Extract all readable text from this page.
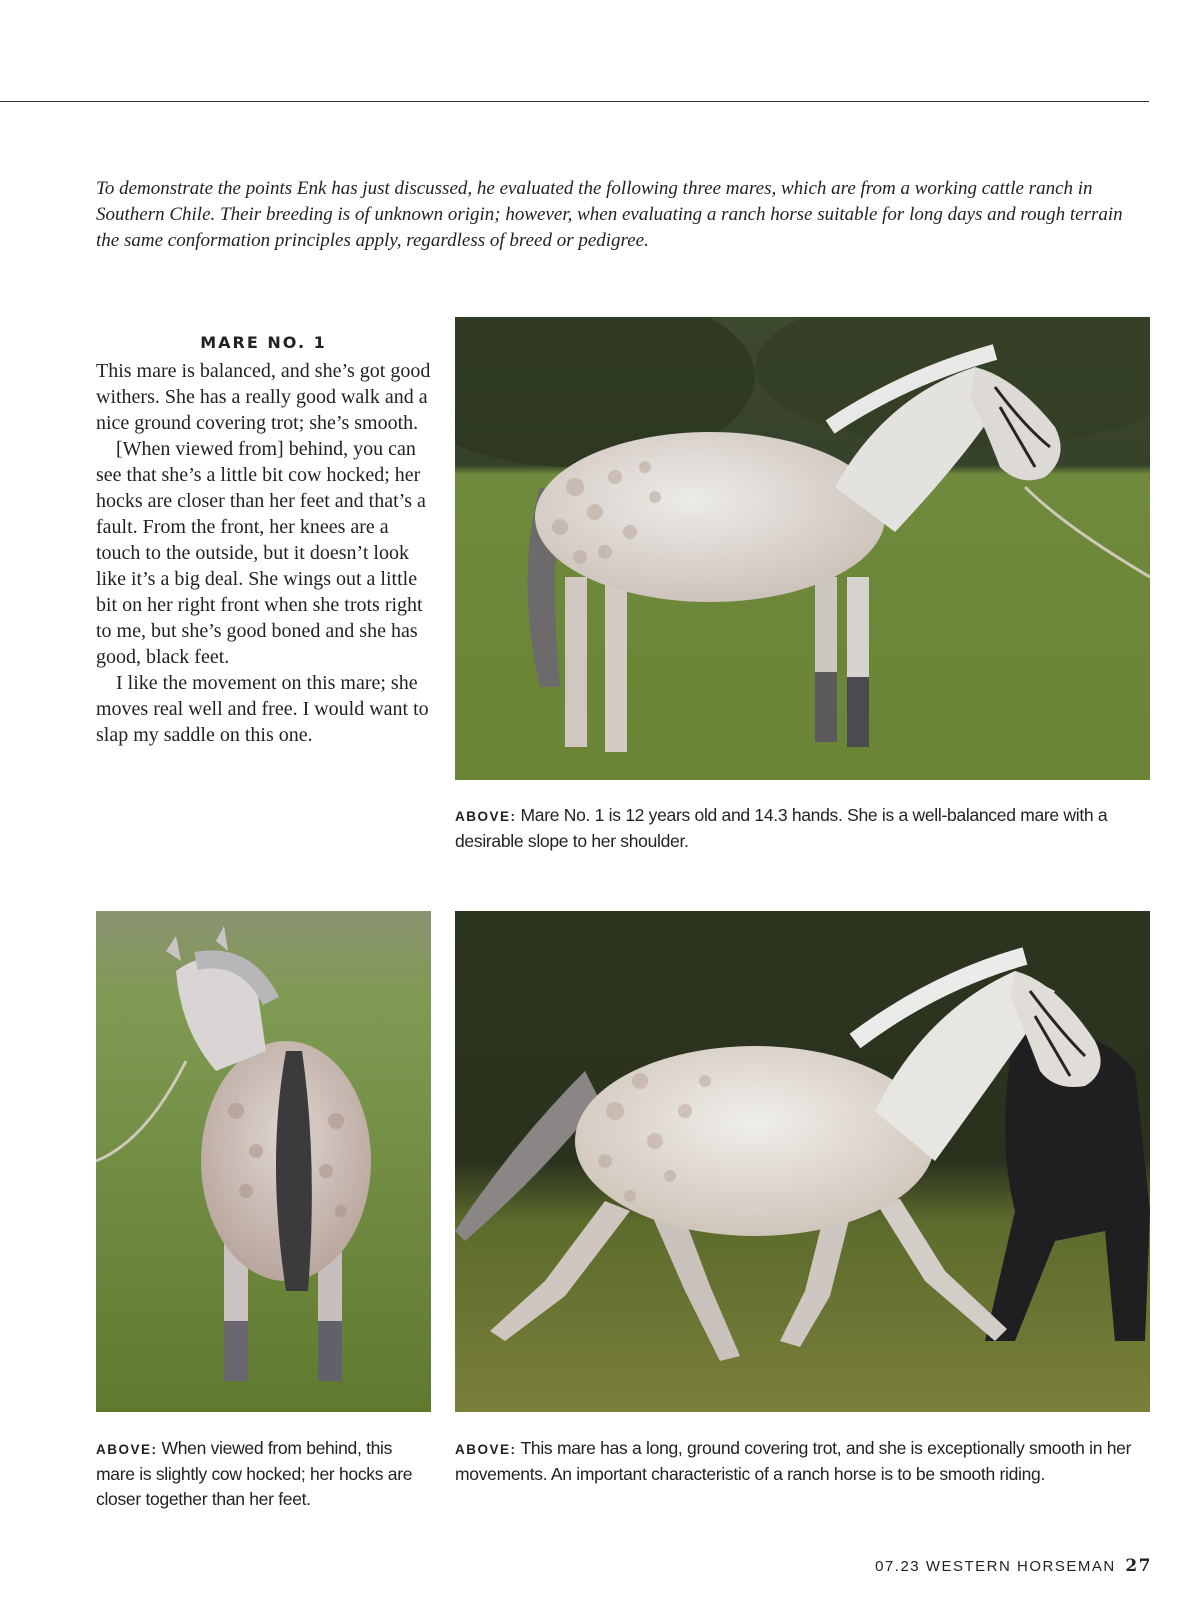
To demonstrate the points Enk has just discussed, he evaluated the following three mares, which are from a working cattle ranch in Southern Chile. Their breeding is of unknown origin; however, when evaluating a ranch horse suitable for long days and rough terrain the same conformation principles apply, regardless of breed or pedigree.

MARE NO. 1

This mare is balanced, and she’s got good withers. She has a really good walk and a nice ground covering trot; she’s smooth.

[When viewed from] behind, you can see that she’s a little bit cow hocked; her hocks are closer than her feet and that’s a fault. From the front, her knees are a touch to the outside, but it doesn’t look like it’s a big deal. She wings out a little bit on her right front when she trots right to me, but she’s good boned and she has good, black feet.

I like the movement on this mare; she moves real well and free. I would want to slap my saddle on this one.

ABOVE: Mare No. 1 is 12 years old and 14.3 hands. She is a well-balanced mare with a desirable slope to her shoulder.
ABOVE: When viewed from behind, this mare is slightly cow hocked; her hocks are closer together than her feet.
ABOVE: This mare has a long, ground covering trot, and she is exceptionally smooth in her movements. An important characteristic of a ranch horse is to be smooth riding.
07.23 WESTERN HORSEMAN 27
